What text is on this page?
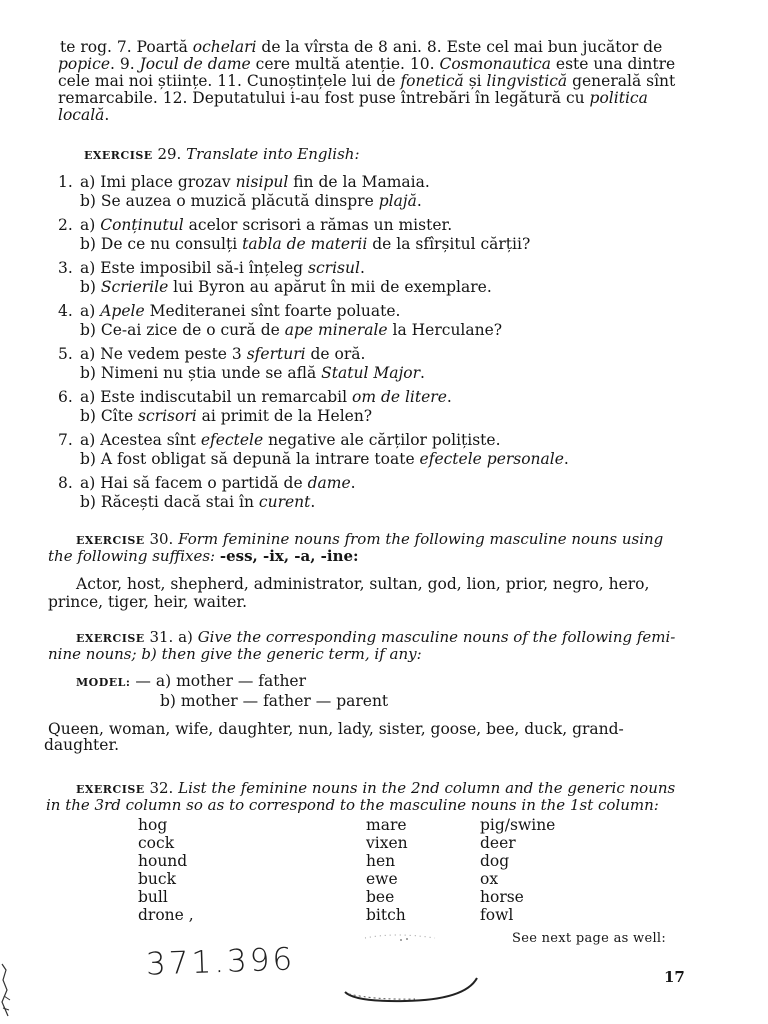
te rog. 7. Poartă ochelari de la vîrsta de 8 ani. 8. Este cel mai bun jucător de
popice. 9. Jocul de dame cere multă atenție. 10. Cosmonautica este una dintre
cele mai noi științe. 11. Cunoștințele lui de fonetică și lingvistică generală sînt
remarcabile. 12. Deputatului i-au fost puse întrebări în legătură cu politica
locală.
EXERCISE 29. Translate into English:
1. a) Imi place grozav nisipul fin de la Mamaia.
b) Se auzea o muzică plăcută dinspre plajă.
2. a) Conținutul acelor scrisori a rămas un mister.
b) De ce nu consulți tabla de materii de la sfîrșitul cărții?
3. a) Este imposibil să-i înțeleg scrisul.
b) Scrierile lui Byron au apărut în mii de exemplare.
4. a) Apele Mediteranei sînt foarte poluate.
b) Ce-ai zice de o cură de ape minerale la Herculane?
5. a) Ne vedem peste 3 sferturi de oră.
b) Nimeni nu știa unde se află Statul Major.
6. a) Este indiscutabil un remarcabil om de litere.
b) Cîte scrisori ai primit de la Helen?
7. a) Acestea sînt efectele negative ale cărților polițiste.
b) A fost obligat să depună la intrare toate efectele personale.
8. a) Hai să facem o partidă de dame.
b) Răcești dacă stai în curent.
EXERCISE 30. Form feminine nouns from the following masculine nouns using
the following suffixes: -ess, -ix, -a, -ine:
Actor, host, shepherd, administrator, sultan, god, lion, prior, negro, hero,
prince, tiger, heir, waiter.
EXERCISE 31. a) Give the corresponding masculine nouns of the following femi-
nine nouns; b) then give the generic term, if any:
MODEL: — a) mother — father
b) mother — father — parent
Queen, woman, wife, daughter, nun, lady, sister, goose, bee, duck, grand-
daughter.
EXERCISE 32. List the feminine nouns in the 2nd column and the generic nouns
in the 3rd column so as to correspond to the masculine nouns in the 1st column:
hog
cock
hound
buck
bull
drone ,
mare
vixen
hen
ewe
bee
bitch
pig/swine
deer
dog
ox
horse
fowl
See next page as well:
371.396	17
